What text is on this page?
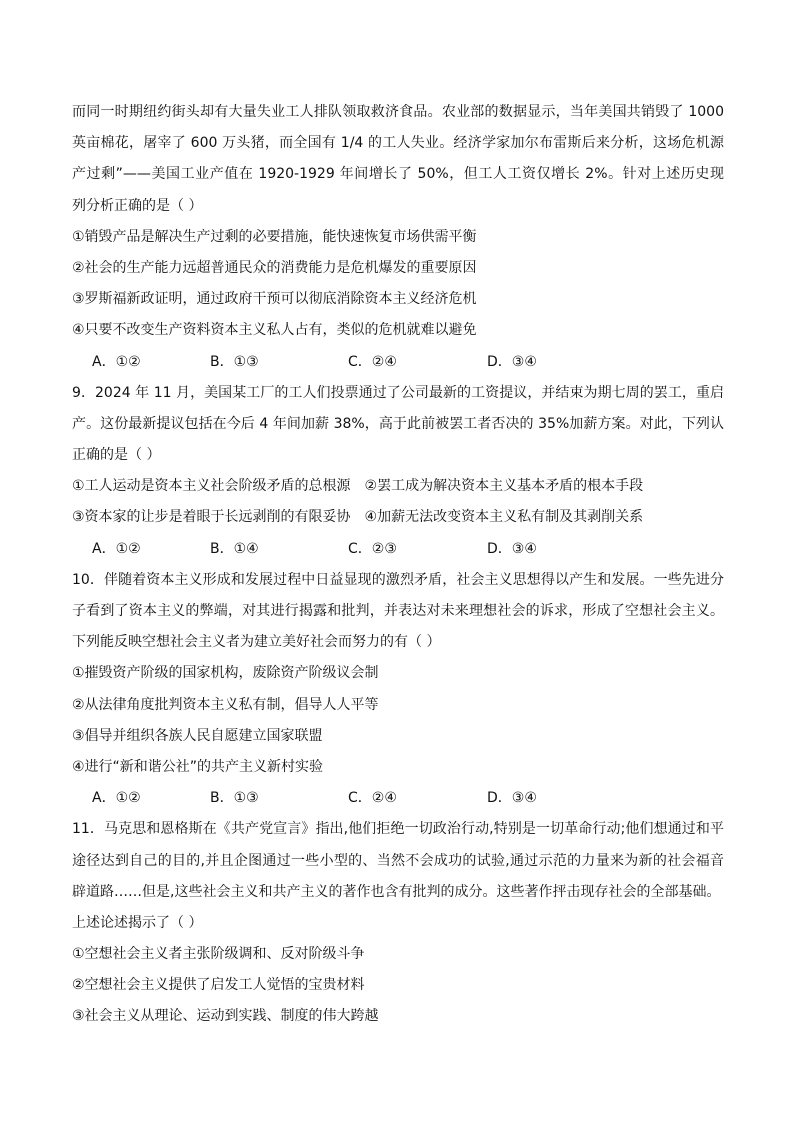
而同一时期纽约街头却有大量失业工人排队领取救济食品。农业部的数据显示，当年美国共销毁了 1000
英亩棉花，屠宰了 600 万头猪，而全国有 1/4 的工人失业。经济学家加尔布雷斯后来分析，这场危机源
产过剩”——美国工业产值在 1920-1929 年间增长了 50%，但工人工资仅增长 2%。针对上述历史现
列分析正确的是（ ）
①销毁产品是解决生产过剩的必要措施，能快速恢复市场供需平衡
②社会的生产能力远超普通民众的消费能力是危机爆发的重要原因
③罗斯福新政证明，通过政府干预可以彻底消除资本主义经济危机
④只要不改变生产资料资本主义私人占有，类似的危机就难以避免
A．①②	B．①③	C．②④	D．③④
9．2024 年 11 月，美国某工厂的工人们投票通过了公司最新的工资提议，并结束为期七周的罢工，重启
产。这份最新提议包括在今后 4 年间加薪 38%，高于此前被罢工者否决的 35%加薪方案。对此，下列认
正确的是（ ）
①工人运动是资本主义社会阶级矛盾的总根源　②罢工成为解决资本主义基本矛盾的根本手段
③资本家的让步是着眼于长远剥削的有限妥协　④加薪无法改变资本主义私有制及其剥削关系
A．①②	B．①④	C．②③	D．③④
10．伴随着资本主义形成和发展过程中日益显现的激烈矛盾，社会主义思想得以产生和发展。一些先进分
子看到了资本主义的弊端，对其进行揭露和批判，并表达对未来理想社会的诉求，形成了空想社会主义。
下列能反映空想社会主义者为建立美好社会而努力的有（ ）
①摧毁资产阶级的国家机构，废除资产阶级议会制
②从法律角度批判资本主义私有制，倡导人人平等
③倡导并组织各族人民自愿建立国家联盟
④进行“新和谐公社”的共产主义新村实验
A．①②	B．①③	C．②④	D．③④
11．马克思和恩格斯在《共产党宣言》指出,他们拒绝一切政治行动,特别是一切革命行动;他们想通过和平
途径达到自己的目的,并且企图通过一些小型的、当然不会成功的试验,通过示范的力量来为新的社会福音
辟道路……但是,这些社会主义和共产主义的著作也含有批判的成分。这些著作抨击现存社会的全部基础。
上述论述揭示了（ ）
①空想社会主义者主张阶级调和、反对阶级斗争
②空想社会主义提供了启发工人觉悟的宝贵材料
③社会主义从理论、运动到实践、制度的伟大跨越
